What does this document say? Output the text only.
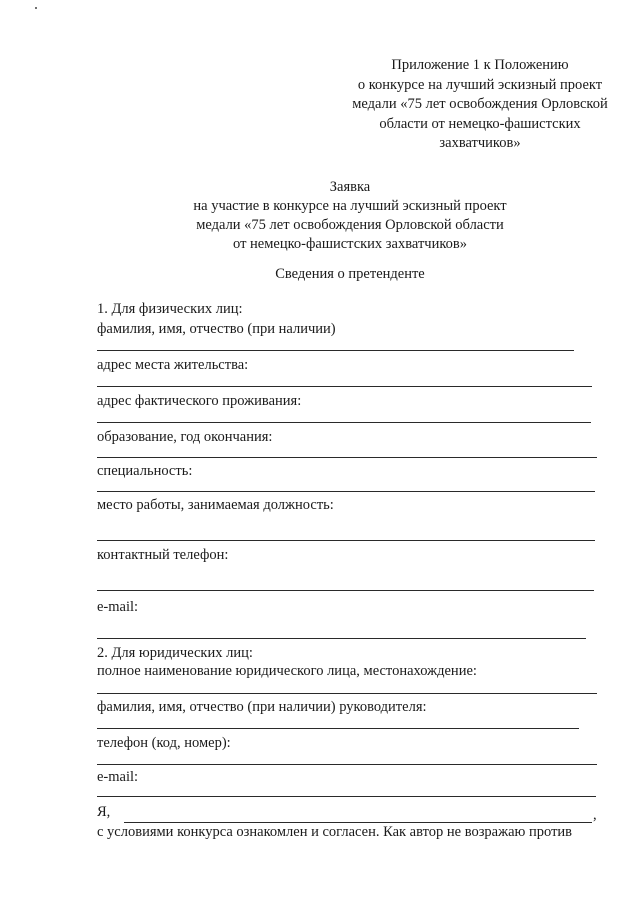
Приложение 1 к Положению
о конкурсе на лучший эскизный проект
медали «75 лет освобождения Орловской
области от немецко-фашистских
захватчиков»
Заявка
на участие в конкурсе на лучший эскизный проект
медали «75 лет освобождения Орловской области
от немецко-фашистских захватчиков»
Сведения о претенденте
1. Для физических лиц:
фамилия, имя, отчество (при наличии)
адрес места жительства:
адрес фактического проживания:
образование, год окончания:
специальность:
место работы, занимаемая должность:
контактный телефон:
e-mail:
2. Для юридических лиц:
полное наименование юридического лица, местонахождение:
фамилия, имя, отчество (при наличии) руководителя:
телефон (код, номер):
e-mail:
Я,	,
с условиями конкурса ознакомлен и согласен. Как автор не возражаю против
